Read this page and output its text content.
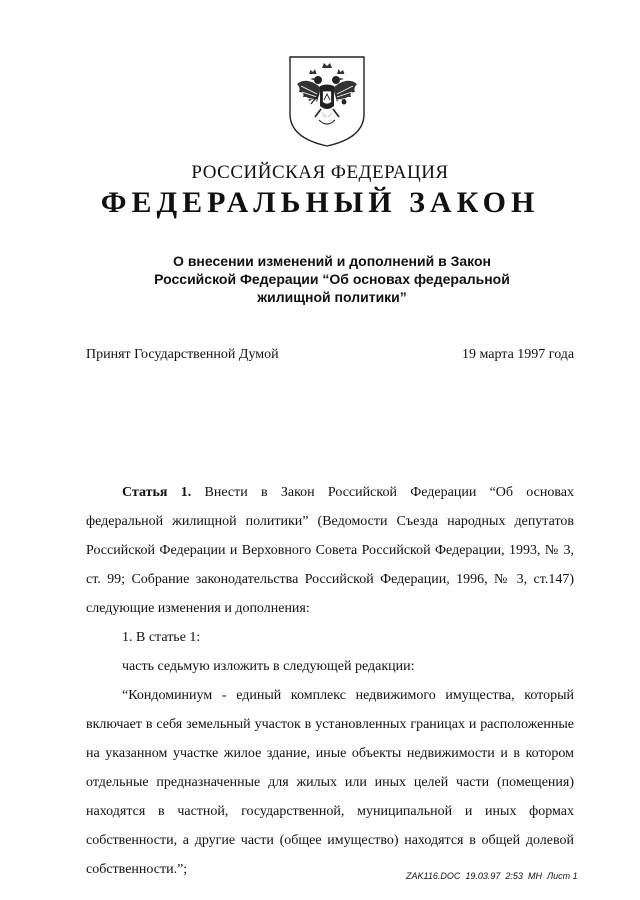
РОССИЙСКАЯ ФЕДЕРАЦИЯ
ФЕДЕРАЛЬНЫЙ ЗАКОН
О внесении изменений и дополнений в Закон
Российской Федерации “Об основах федеральной
жилищной политики”
Принят Государственной Думой	19 марта 1997 года

Статья 1. Внести в Закон Российской Федерации “Об основах федеральной жилищной политики” (Ведомости Съезда народных депутатов Российской Федерации и Верховного Совета Российской Федерации, 1993, № 3, ст. 99; Собрание законодательства Российской Федерации, 1996, № 3, ст.147) следующие изменения и дополнения:

1. В статье 1:

часть седьмую изложить в следующей редакции:

“Кондоминиум - единый комплекс недвижимого имущества, который включает в себя земельный участок в установленных границах и расположенные на указанном участке жилое здание, иные объекты недвижимости и в котором отдельные предназначенные для жилых или иных целей части (помещения) находятся в частной, государственной, муниципальной и иных формах собственности, а другие части (общее имущество) находятся в общей долевой собственности.”;	ZAK116.DOC 19.03.97  2:53 МН Лист 1
